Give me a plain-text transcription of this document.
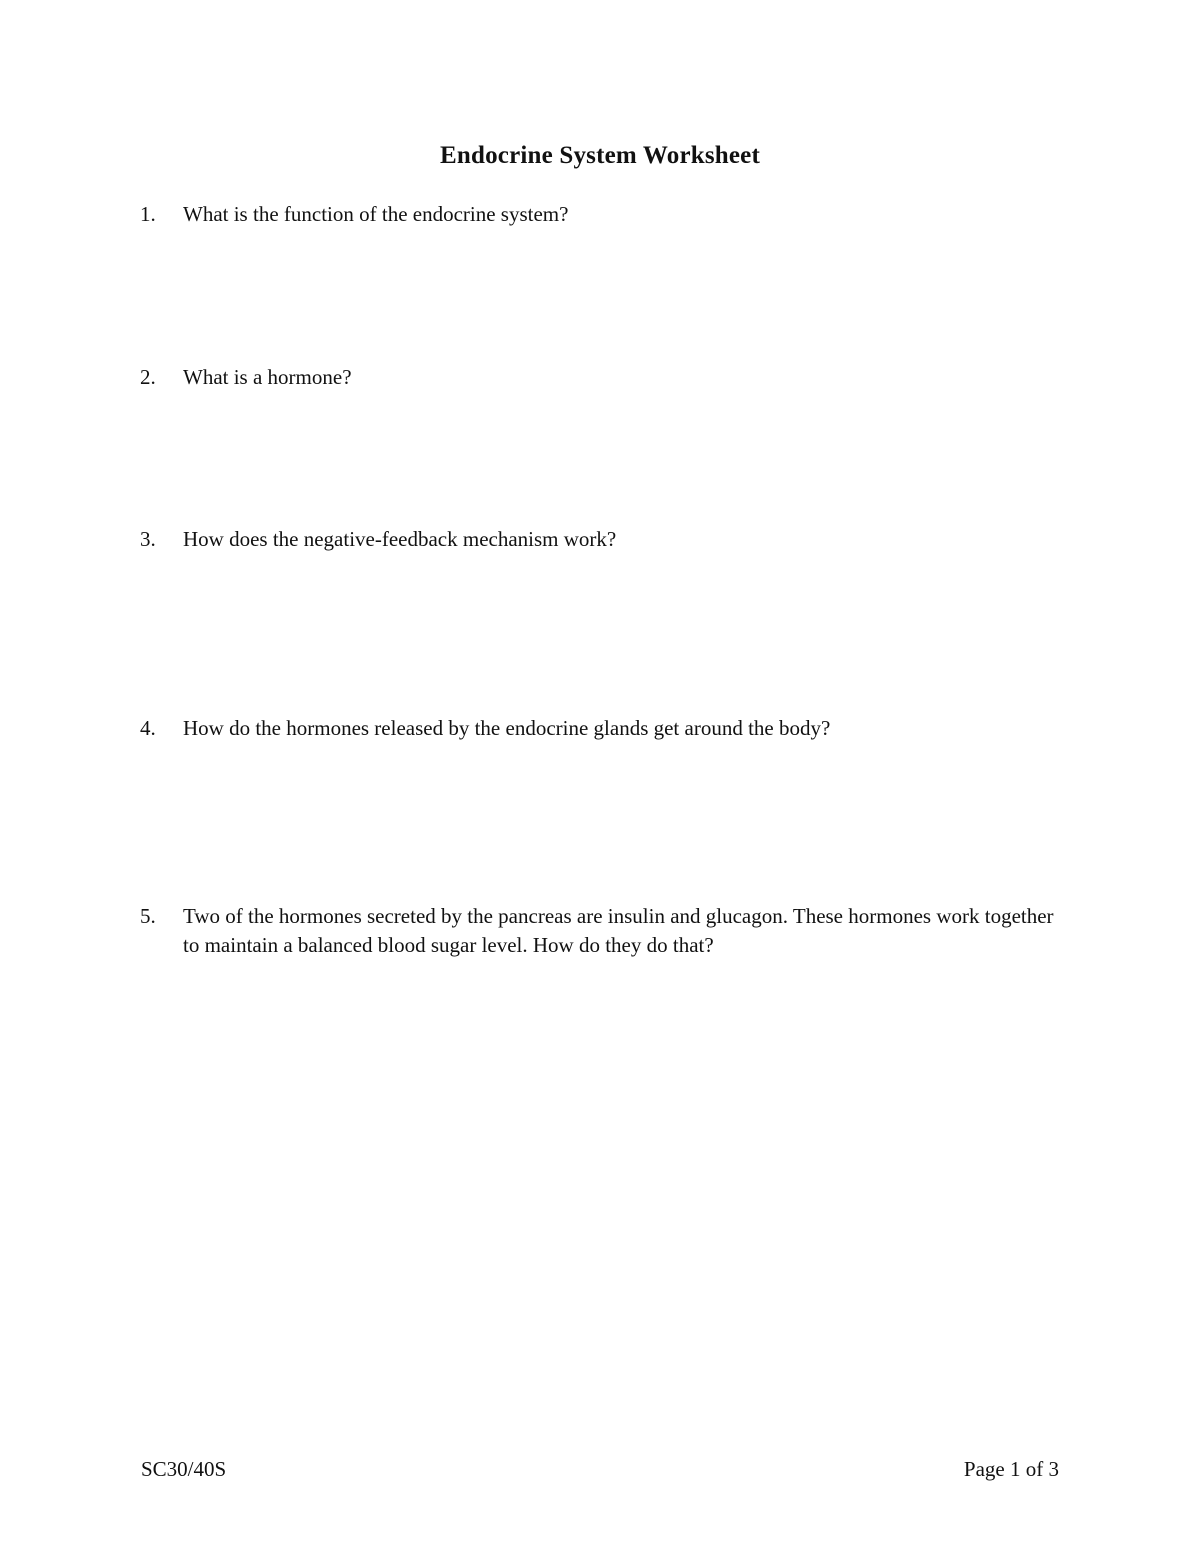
Endocrine System Worksheet
1.	What is the function of the endocrine system?
2.	What is a hormone?
3.	How does the negative-feedback mechanism work?
4.	How do the hormones released by the endocrine glands get around the body?
5.	Two of the hormones secreted by the pancreas are insulin and glucagon. These hormones work together to maintain a balanced blood sugar level. How do they do that?
SC30/40S	Page 1 of 3
